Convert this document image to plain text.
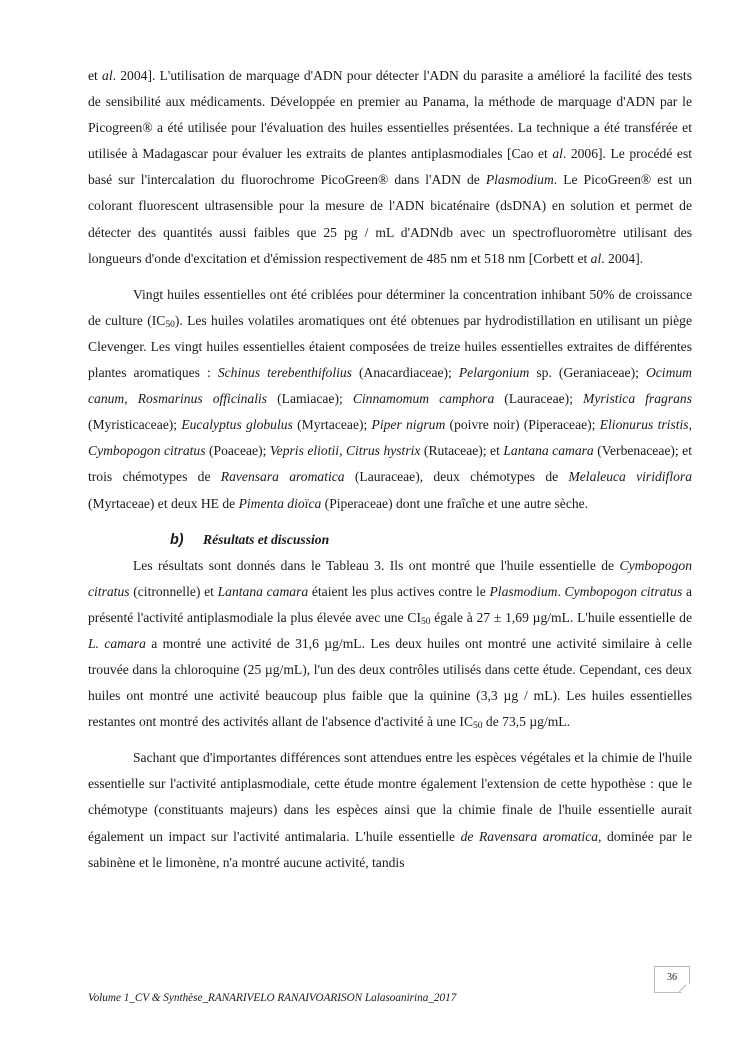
et al. 2004]. L'utilisation de marquage d'ADN pour détecter l'ADN du parasite a amélioré la facilité des tests de sensibilité aux médicaments. Développée en premier au Panama, la méthode de marquage d'ADN par le Picogreen® a été utilisée pour l'évaluation des huiles essentielles présentées. La technique a été transférée et utilisée à Madagascar pour évaluer les extraits de plantes antiplasmodiales [Cao et al. 2006]. Le procédé est basé sur l'intercalation du fluorochrome PicoGreen® dans l'ADN de Plasmodium. Le PicoGreen® est un colorant fluorescent ultrasensible pour la mesure de l'ADN bicaténaire (dsDNA) en solution et permet de détecter des quantités aussi faibles que 25 pg / mL d'ADNdb avec un spectrofluoromètre utilisant des longueurs d'onde d'excitation et d'émission respectivement de 485 nm et 518 nm [Corbett et al. 2004].

Vingt huiles essentielles ont été criblées pour déterminer la concentration inhibant 50% de croissance de culture $(IC_{50})$. Les huiles volatiles aromatiques ont été obtenues par hydrodistillation en utilisant un piège Clevenger. Les vingt huiles essentielles étaient composées de treize huiles essentielles extraites de différentes plantes aromatiques : Schinus terebenthifolius (Anacardiaceae); Pelargonium sp. (Geraniaceae); Ocimum canum, Rosmarinus officinalis (Lamiacae); Cinnamomum camphora (Lauraceae); Myristica fragrans (Myristicaceae); Eucalyptus globulus (Myrtaceae); Piper nigrum (poivre noir) (Piperaceae); Elionurus tristis, Cymbopogon citratus (Poaceae); Vepris eliotii, Citrus hystrix (Rutaceae); et Lantana camara (Verbenaceae); et trois chémotypes de Ravensara aromatica (Lauraceae), deux chémotypes de Melaleuca viridiflora (Myrtaceae) et deux HE de Pimenta dioïca (Piperaceae) dont une fraîche et une autre sèche.

b) Résultats et discussion

Les résultats sont donnés dans le Tableau 3. Ils ont montré que l'huile essentielle de Cymbopogon citratus (citronnelle) et Lantana camara étaient les plus actives contre le Plasmodium. Cymbopogon citratus a présenté l'activité antiplasmodiale la plus élevée avec une $CI_{50}$ égale à 27 ± 1,69 µg/mL. L'huile essentielle de L. camara a montré une activité de 31,6 µg/mL. Les deux huiles ont montré une activité similaire à celle trouvée dans la chloroquine (25 µg/mL), l'un des deux contrôles utilisés dans cette étude. Cependant, ces deux huiles ont montré une activité beaucoup plus faible que la quinine (3,3 µg / mL). Les huiles essentielles restantes ont montré des activités allant de l'absence d'activité à une $IC_{50}$ de 73,5 µg/mL.

Sachant que d'importantes différences sont attendues entre les espèces végétales et la chimie de l'huile essentielle sur l'activité antiplasmodiale, cette étude montre également l'extension de cette hypothèse : que le chémotype (constituants majeurs) dans les espèces ainsi que la chimie finale de l'huile essentielle aurait également un impact sur l'activité antimalaria. L'huile essentielle de Ravensara aromatica, dominée par le sabinène et le limonène, n'a montré aucune activité, tandis

36
Volume 1_CV & Synthèse_RANARIVELO RANAIVOARISON Lalasoanirina_2017
